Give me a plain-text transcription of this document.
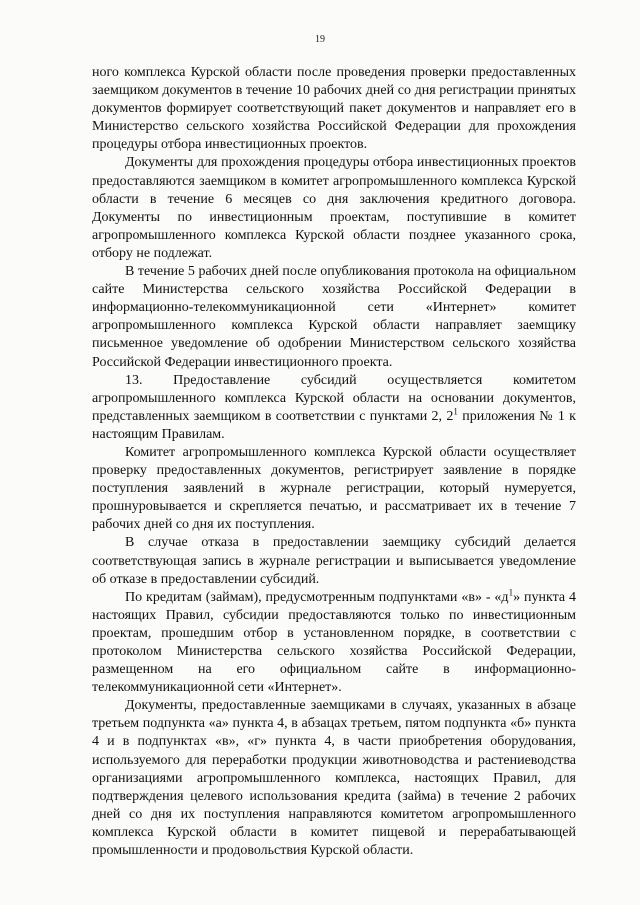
19

ного комплекса Курской области после проведения проверки предоставленных заемщиком документов в течение 10 рабочих дней со дня регистрации принятых документов формирует соответствующий пакет документов и направляет его в Министерство сельского хозяйства Российской Федерации для прохождения процедуры отбора инвестиционных проектов.

Документы для прохождения процедуры отбора инвестиционных проектов предоставляются заемщиком в комитет агропромышленного комплекса Курской области в течение 6 месяцев со дня заключения кредитного договора. Документы по инвестиционным проектам, поступившие в комитет агропромышленного комплекса Курской области позднее указанного срока, отбору не подлежат.

В течение 5 рабочих дней после опубликования протокола на официальном сайте Министерства сельского хозяйства Российской Федерации в информационно-телекоммуникационной сети «Интернет» комитет агропромышленного комплекса Курской области направляет заемщику письменное уведомление об одобрении Министерством сельского хозяйства Российской Федерации инвестиционного проекта.

13. Предоставление субсидий осуществляется комитетом агропромышленного комплекса Курской области на основании документов, представленных заемщиком в соответствии с пунктами 2, $2^1$ приложения № 1 к настоящим Правилам.

Комитет агропромышленного комплекса Курской области осуществляет проверку предоставленных документов, регистрирует заявление в порядке поступления заявлений в журнале регистрации, который нумеруется, прошнуровывается и скрепляется печатью, и рассматривает их в течение 7 рабочих дней со дня их поступления.

В случае отказа в предоставлении заемщику субсидий делается соответствующая запись в журнале регистрации и выписывается уведомление об отказе в предоставлении субсидий.

По кредитам (займам), предусмотренным подпунктами «в» - «$д^1$» пункта 4 настоящих Правил, субсидии предоставляются только по инвестиционным проектам, прошедшим отбор в установленном порядке, в соответствии с протоколом Министерства сельского хозяйства Российской Федерации, размещенном на его официальном сайте в информационно-телекоммуникационной сети «Интернет».

Документы, предоставленные заемщиками в случаях, указанных в абзаце третьем подпункта «а» пункта 4, в абзацах третьем, пятом подпункта «б» пункта 4 и в подпунктах «в», «г» пункта 4, в части приобретения оборудования, используемого для переработки продукции животноводства и растениеводства организациями агропромышленного комплекса, настоящих Правил, для подтверждения целевого использования кредита (займа) в течение 2 рабочих дней со дня их поступления направляются комитетом агропромышленного комплекса Курской области в комитет пищевой и перерабатывающей промышленности и продовольствия Курской области.
